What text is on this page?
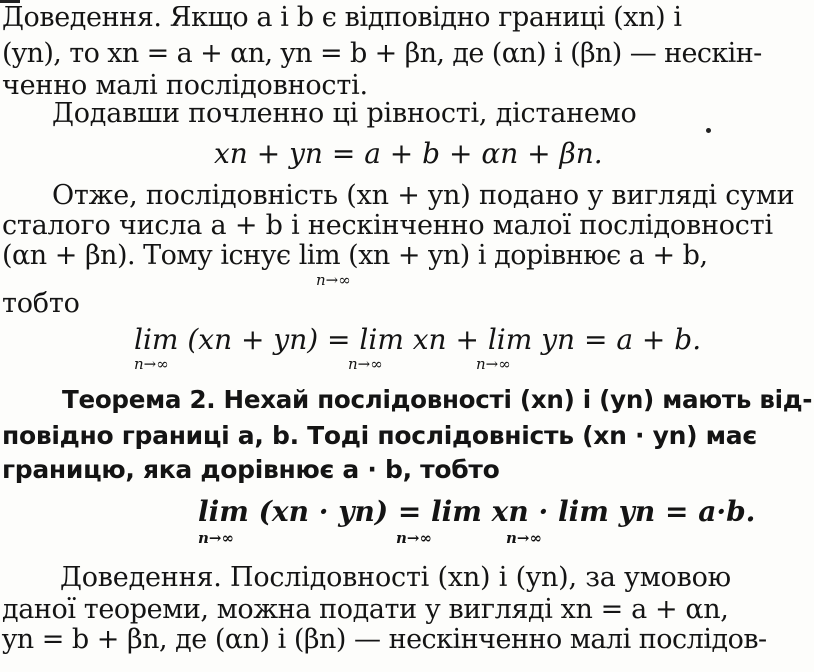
Доведення. Якщо a і b є відповідно границі (xn) і
(yn), то xn = a + αn, yn = b + βn, де (αn) і (βn) — нескін-
ченно малі послідовності.
Додавши почленно ці рівності, дістанемо
xn + yn = a + b + αn + βn.
Отже, послідовність (xn + yn) подано у вигляді суми
сталого числа a + b і нескінченно малої послідовності
(αn + βn). Тому існує lim (xn + yn) і дорівнює a + b,
n→∞
тобто
lim (xn + yn) = lim xn + lim yn = a + b.
n→∞	n→∞	n→∞
Теорема 2. Нехай послідовності (xn) і (yn) мають від-
повідно границі a, b. Тоді послідовність (xn · yn) має
границю, яка дорівнює a · b, тобто
lim (xn · yn) = lim xn · lim yn = a·b.
n→∞	n→∞	n→∞
Доведення. Послідовності (xn) і (yn), за умовою
даної теореми, можна подати у вигляді xn = a + αn,
yn = b + βn, де (αn) і (βn) — нескінченно малі послідов-
